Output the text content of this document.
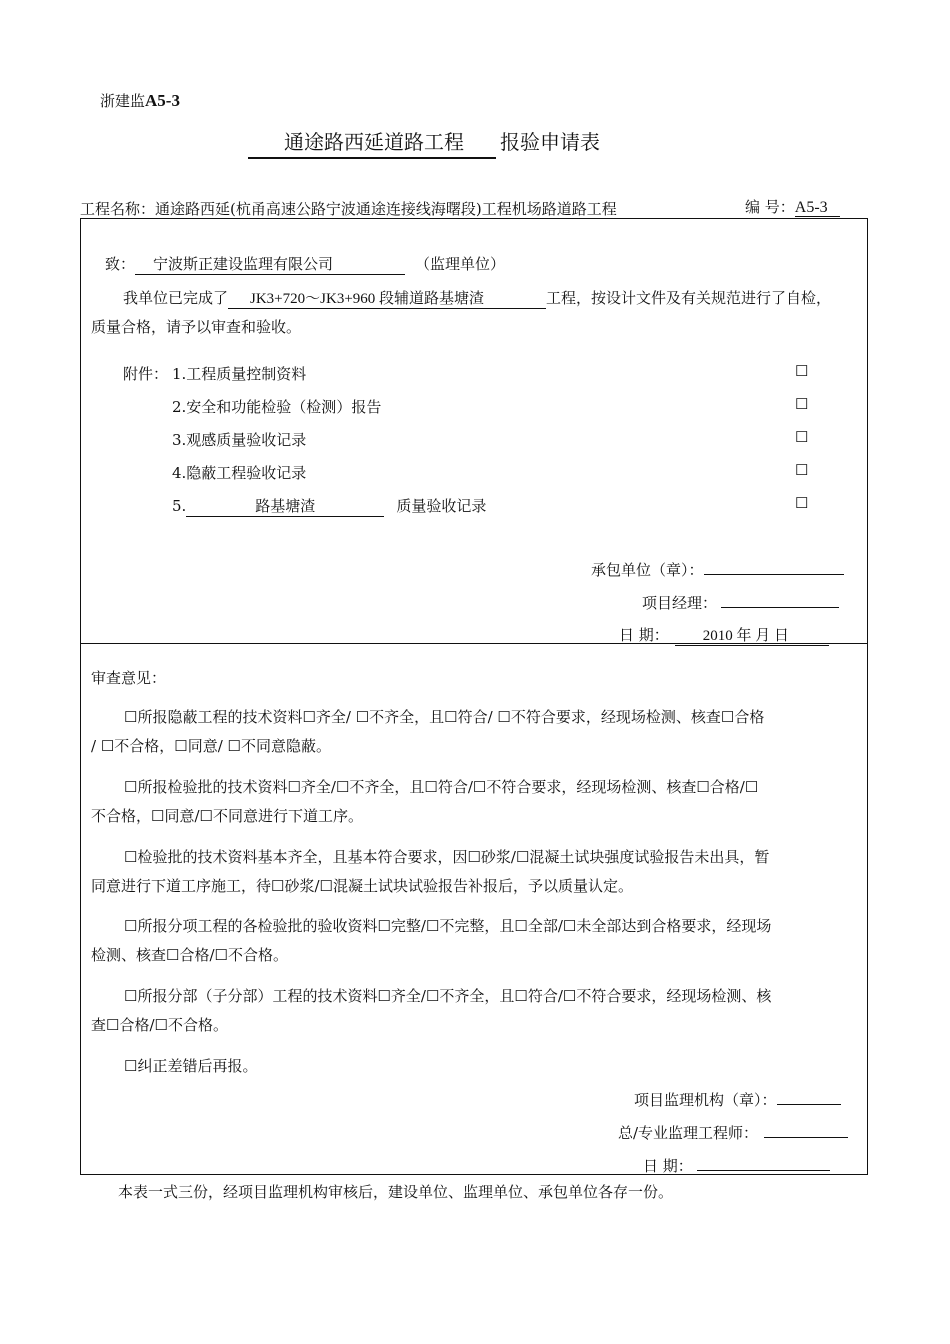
浙建监A5-3
通途路西延道路工程 报验申请表
工程名称：通途路西延(杭甬高速公路宁波通途连接线海曙段)工程机场路道路工程	编 号：A5-3
致： 宁波斯正建设监理有限公司	（监理单位）
我单位已完成了 JK3+720～JK3+960 段辅道路基塘渣	工程，按设计文件及有关规范进行了自检，
质量合格，请予以审查和验收。
附件： 1.工程质量控制资料	☐
2.安全和功能检验（检测）报告	☐
3.观感质量验收记录	☐
4.隐蔽工程验收记录	☐
5.	路基塘渣	质量验收记录	☐
承包单位（章）：
项目经理：
日 期： 2010 年 月 日
审查意见：
☐所报隐蔽工程的技术资料☐齐全/ ☐不齐全，且☐符合/ ☐不符合要求，经现场检测、核查☐合格
/ ☐不合格，☐同意/ ☐不同意隐蔽。
☐所报检验批的技术资料☐齐全/☐不齐全，且☐符合/☐不符合要求，经现场检测、核查☐合格/☐
不合格，☐同意/☐不同意进行下道工序。
☐检验批的技术资料基本齐全，且基本符合要求，因☐砂浆/☐混凝土试块强度试验报告未出具，暂
同意进行下道工序施工，待☐砂浆/☐混凝土试块试验报告补报后，予以质量认定。
☐所报分项工程的各检验批的验收资料☐完整/☐不完整，且☐全部/☐未全部达到合格要求，经现场
检测、核查☐合格/☐不合格。
☐所报分部（子分部）工程的技术资料☐齐全/☐不齐全，且☐符合/☐不符合要求，经现场检测、核
查☐合格/☐不合格。
☐纠正差错后再报。
项目监理机构（章）：
总/专业监理工程师：
日 期：
本表一式三份，经项目监理机构审核后，建设单位、监理单位、承包单位各存一份。
